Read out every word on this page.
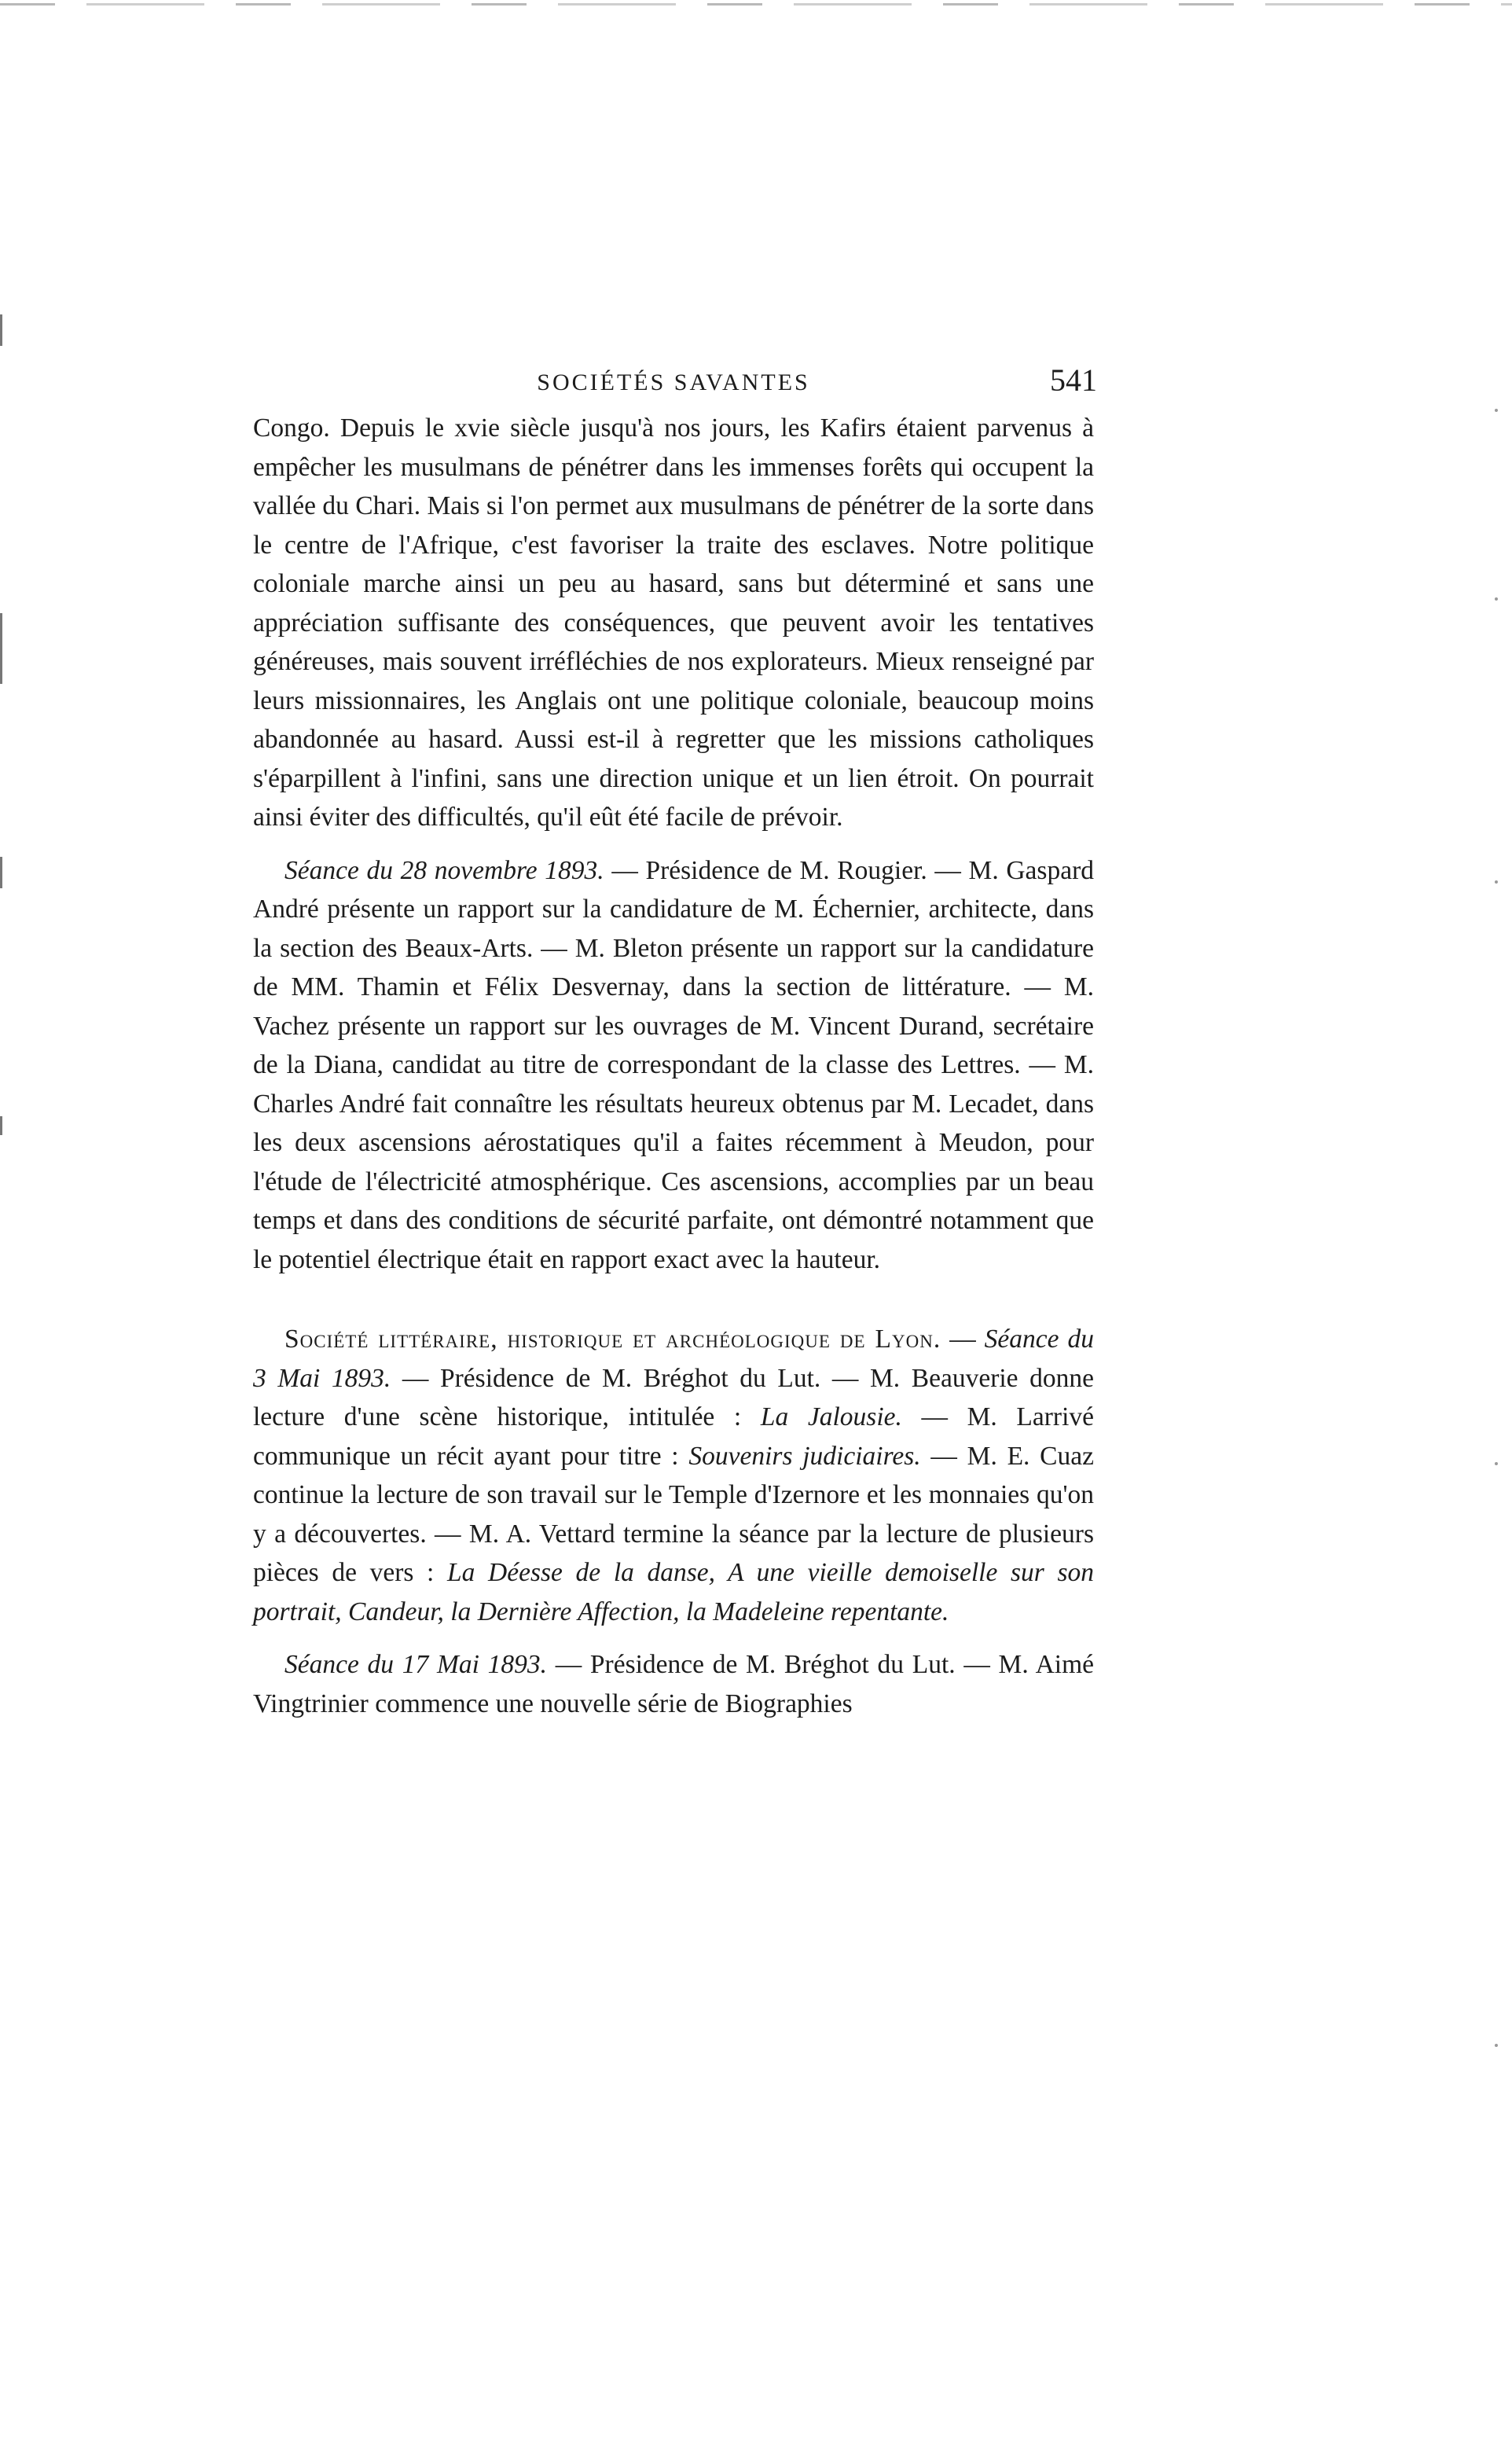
SOCIÉTÉS SAVANTES	541

Congo. Depuis le xvie siècle jusqu'à nos jours, les Kafirs étaient parvenus à empêcher les musulmans de pénétrer dans les immenses forêts qui occupent la vallée du Chari. Mais si l'on permet aux musulmans de pénétrer de la sorte dans le centre de l'Afrique, c'est favoriser la traite des esclaves. Notre politique coloniale marche ainsi un peu au hasard, sans but déterminé et sans une appréciation suffisante des conséquences, que peuvent avoir les tentatives généreuses, mais souvent irréfléchies de nos explorateurs. Mieux renseigné par leurs missionnaires, les Anglais ont une politique coloniale, beaucoup moins abandonnée au hasard. Aussi est-il à regretter que les missions catholiques s'éparpillent à l'infini, sans une direction unique et un lien étroit. On pourrait ainsi éviter des difficultés, qu'il eût été facile de prévoir.

Séance du 28 novembre 1893. — Présidence de M. Rougier. — M. Gaspard André présente un rapport sur la candidature de M. Échernier, architecte, dans la section des Beaux-Arts. — M. Bleton présente un rapport sur la candidature de MM. Thamin et Félix Desvernay, dans la section de littérature. — M. Vachez présente un rapport sur les ouvrages de M. Vincent Durand, secrétaire de la Diana, candidat au titre de correspondant de la classe des Lettres. — M. Charles André fait connaître les résultats heureux obtenus par M. Lecadet, dans les deux ascensions aérostatiques qu'il a faites récemment à Meudon, pour l'étude de l'électricité atmosphérique. Ces ascensions, accomplies par un beau temps et dans des conditions de sécurité parfaite, ont démontré notamment que le potentiel électrique était en rapport exact avec la hauteur.

Société littéraire, historique et archéologique de Lyon. — Séance du 3 Mai 1893. — Présidence de M. Bréghot du Lut. — M. Beauverie donne lecture d'une scène historique, intitulée : La Jalousie. — M. Larrivé communique un récit ayant pour titre : Souvenirs judiciaires. — M. E. Cuaz continue la lecture de son travail sur le Temple d'Izernore et les monnaies qu'on y a découvertes. — M. A. Vettard termine la séance par la lecture de plusieurs pièces de vers : La Déesse de la danse, A une vieille demoiselle sur son portrait, Candeur, la Dernière Affection, la Madeleine repentante.

Séance du 17 Mai 1893. — Présidence de M. Bréghot du Lut. — M. Aimé Vingtrinier commence une nouvelle série de Biographies
